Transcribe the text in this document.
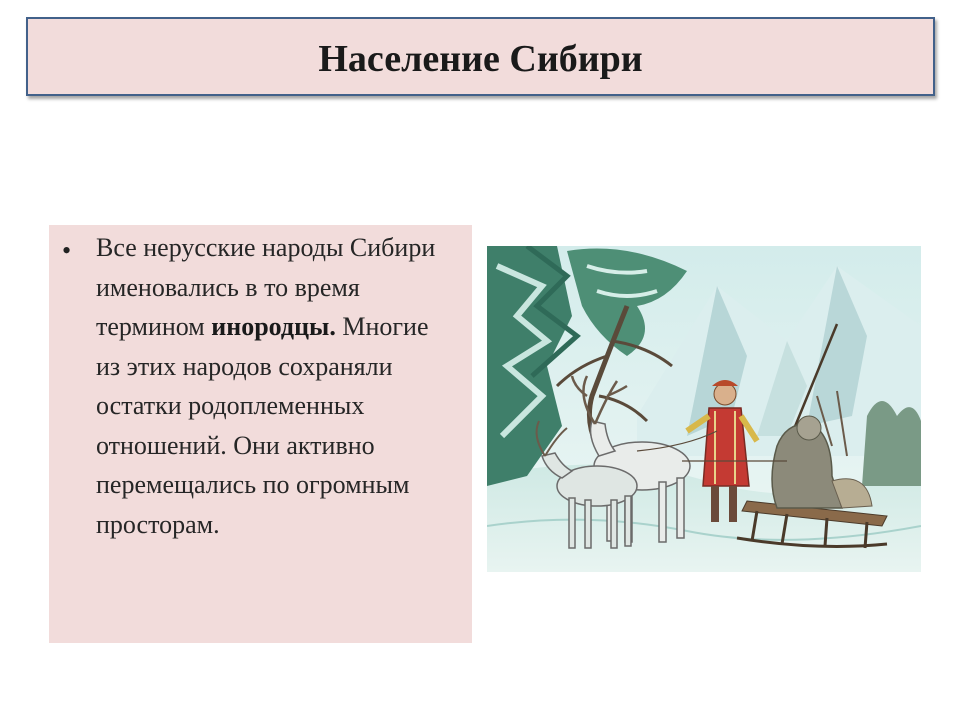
Население Сибири
• Все нерусские народы Сибири именовались в то время термином инородцы. Многие из этих народов сохраняли остатки родоплеменных отношений. Они активно перемещались по огромным просторам.
